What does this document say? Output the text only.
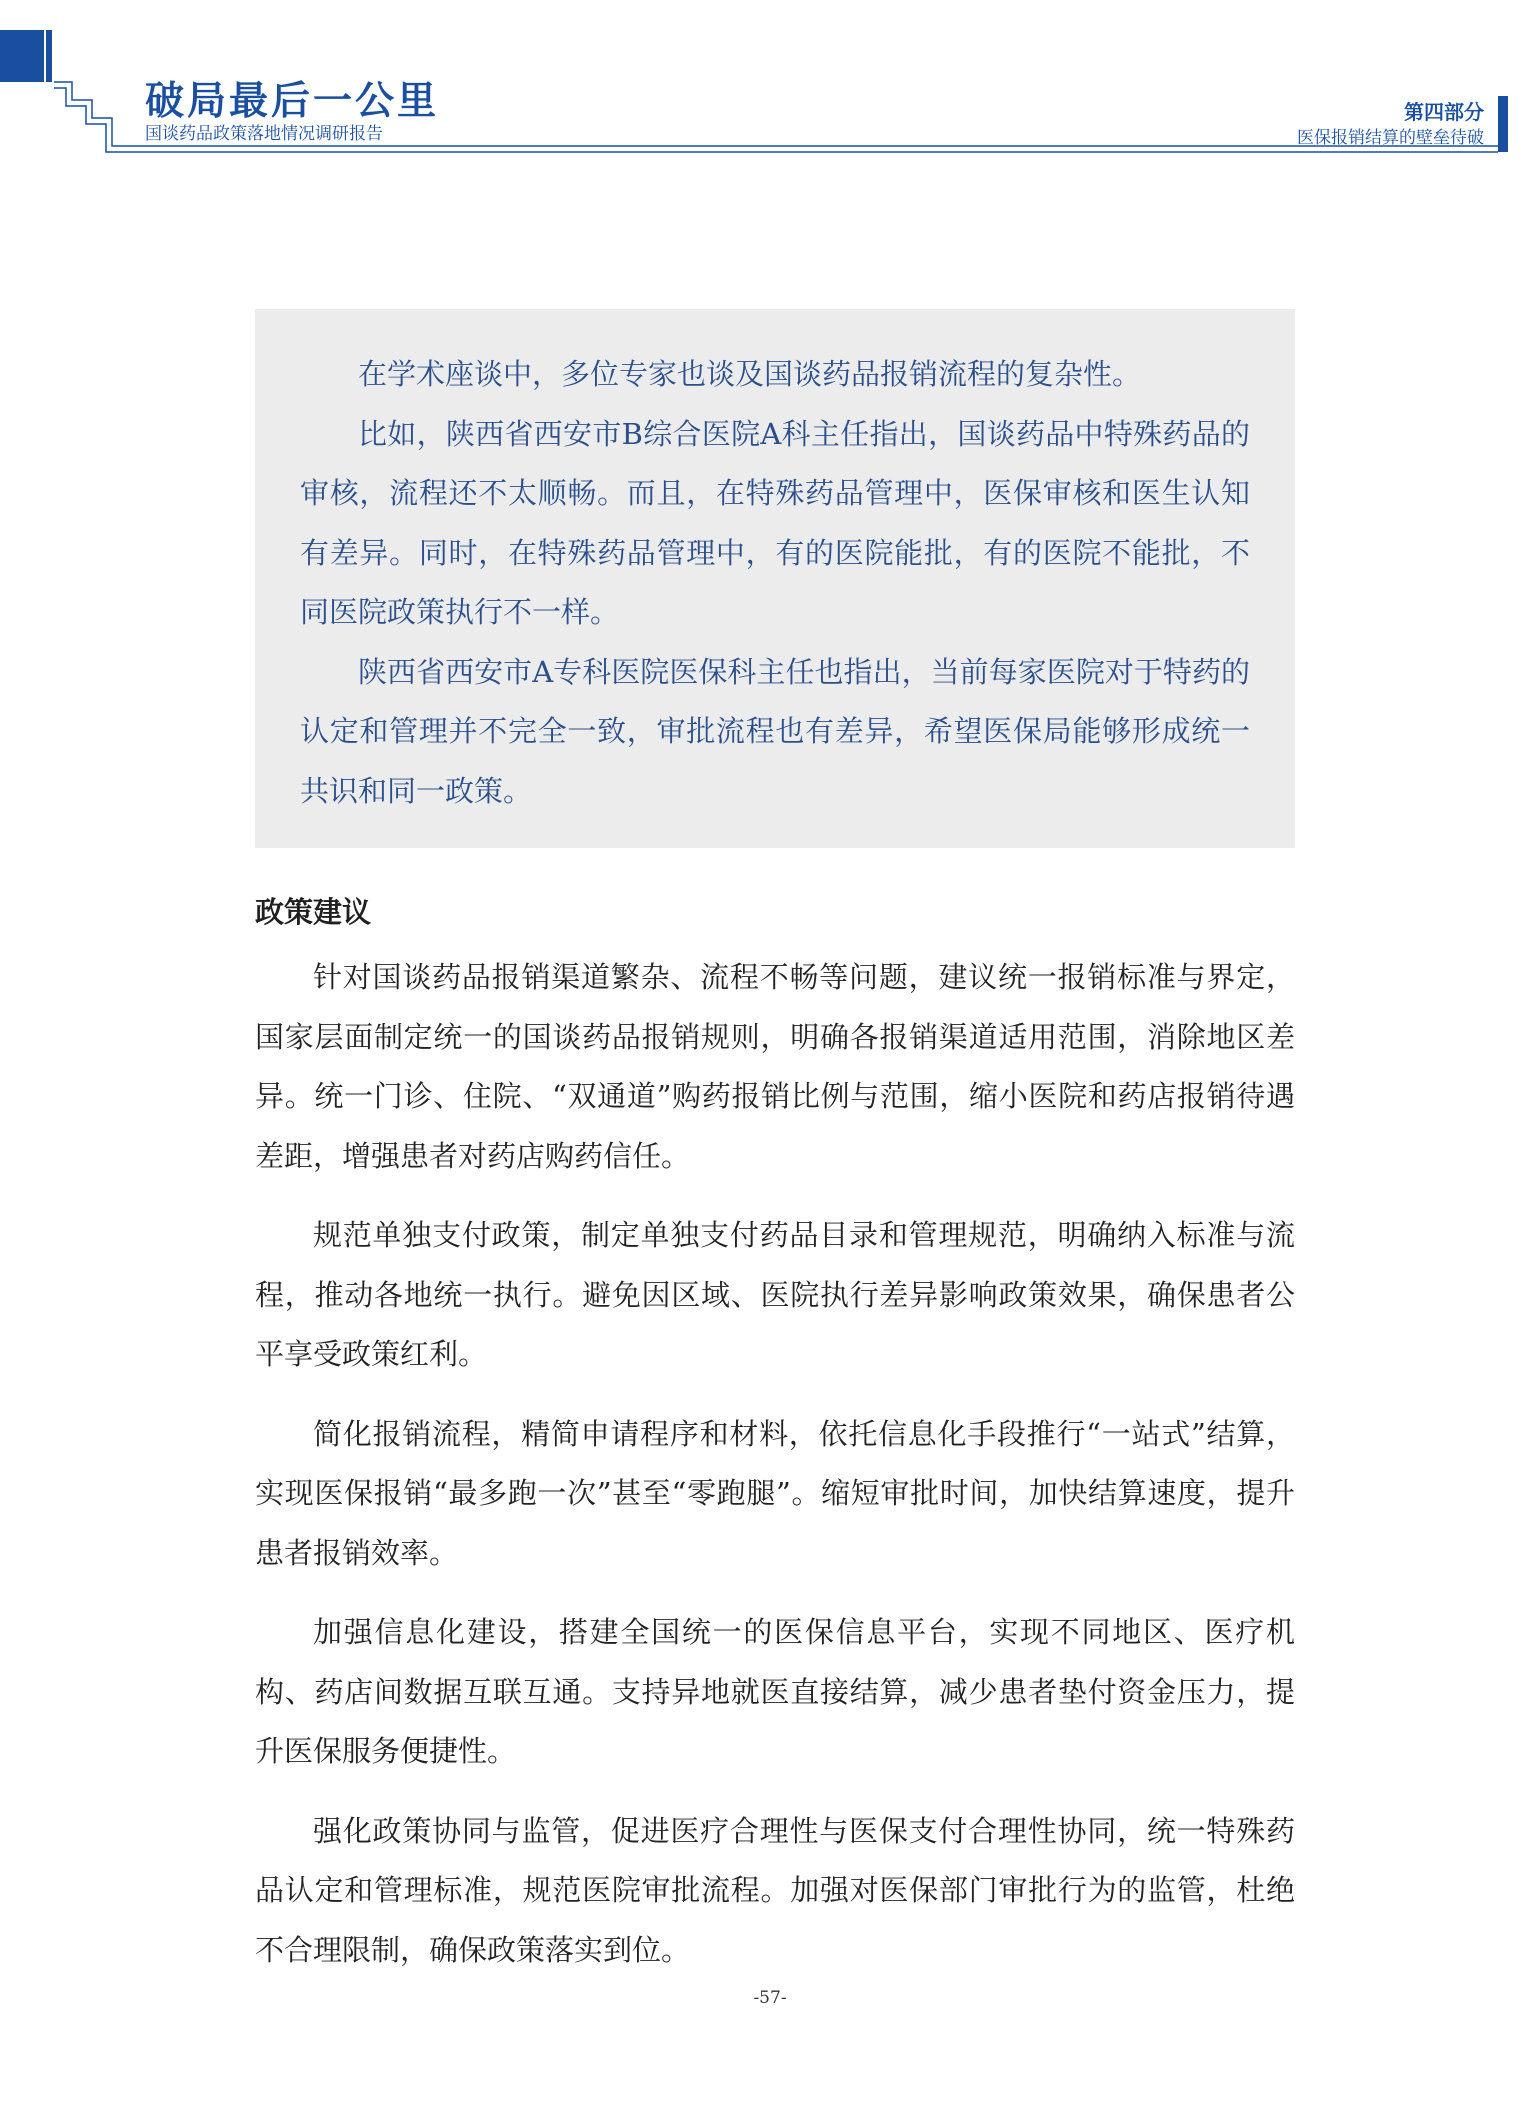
破局最后一公里
国谈药品政策落地情况调研报告
第四部分
医保报销结算的壁垒待破

在学术座谈中，多位专家也谈及国谈药品报销流程的复杂性。

比如，陕西省西安市B综合医院A科主任指出，国谈药品中特殊药品的审核，流程还不太顺畅。而且，在特殊药品管理中，医保审核和医生认知有差异。同时，在特殊药品管理中，有的医院能批，有的医院不能批，不同医院政策执行不一样。

陕西省西安市A专科医院医保科主任也指出，当前每家医院对于特药的认定和管理并不完全一致，审批流程也有差异，希望医保局能够形成统一共识和同一政策。

政策建议

针对国谈药品报销渠道繁杂、流程不畅等问题，建议统一报销标准与界定，国家层面制定统一的国谈药品报销规则，明确各报销渠道适用范围，消除地区差异。统一门诊、住院、“双通道”购药报销比例与范围，缩小医院和药店报销待遇差距，增强患者对药店购药信任。

规范单独支付政策，制定单独支付药品目录和管理规范，明确纳入标准与流程，推动各地统一执行。避免因区域、医院执行差异影响政策效果，确保患者公平享受政策红利。

简化报销流程，精简申请程序和材料，依托信息化手段推行“一站式”结算，实现医保报销“最多跑一次”甚至“零跑腿”。缩短审批时间，加快结算速度，提升患者报销效率。

加强信息化建设，搭建全国统一的医保信息平台，实现不同地区、医疗机构、药店间数据互联互通。支持异地就医直接结算，减少患者垫付资金压力，提升医保服务便捷性。

强化政策协同与监管，促进医疗合理性与医保支付合理性协同，统一特殊药品认定和管理标准，规范医院审批流程。加强对医保部门审批行为的监管，杜绝不合理限制，确保政策落实到位。

-57-
